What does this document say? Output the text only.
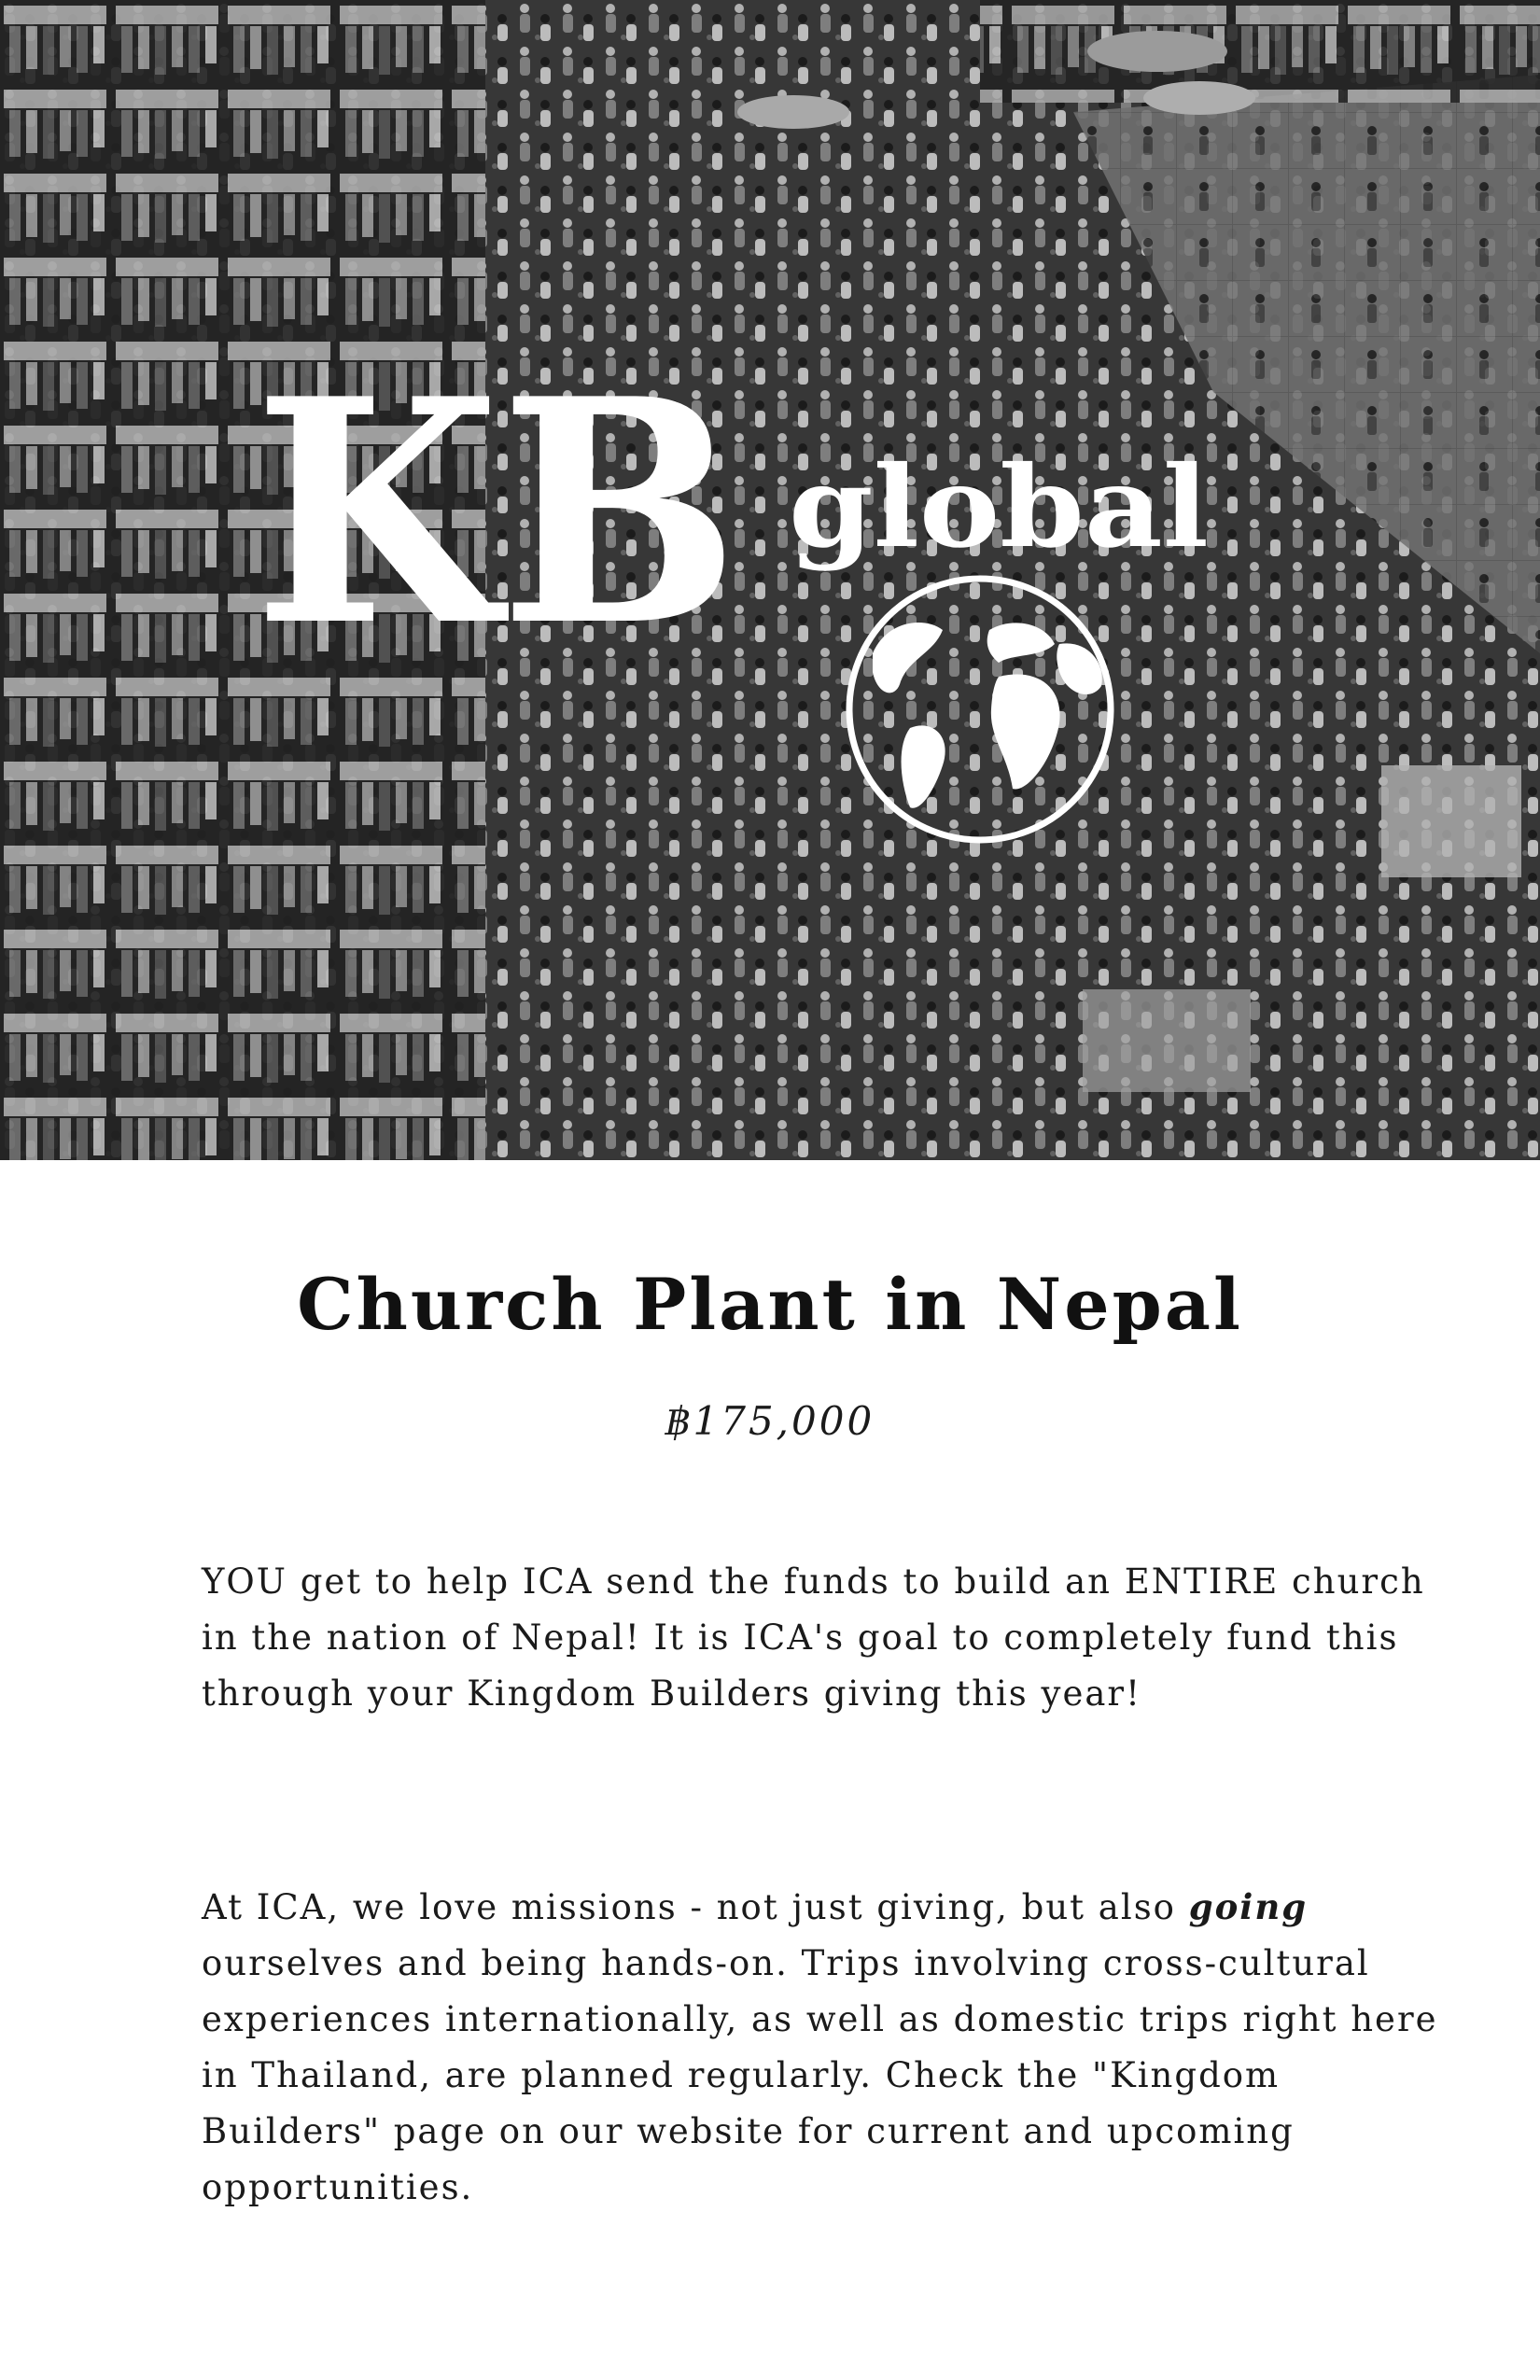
KB global
Church Plant in Nepal

฿175,000

YOU get to help ICA send the funds to build an ENTIRE church in the nation of Nepal! It is ICA's goal to completely fund this through your Kingdom Builders giving this year!

At ICA, we love missions - not just giving, but also going ourselves and being hands-on. Trips involving cross-cultural experiences internationally, as well as domestic trips right here in Thailand, are planned regularly. Check the "Kingdom Builders" page on our website for current and upcoming opportunities.
